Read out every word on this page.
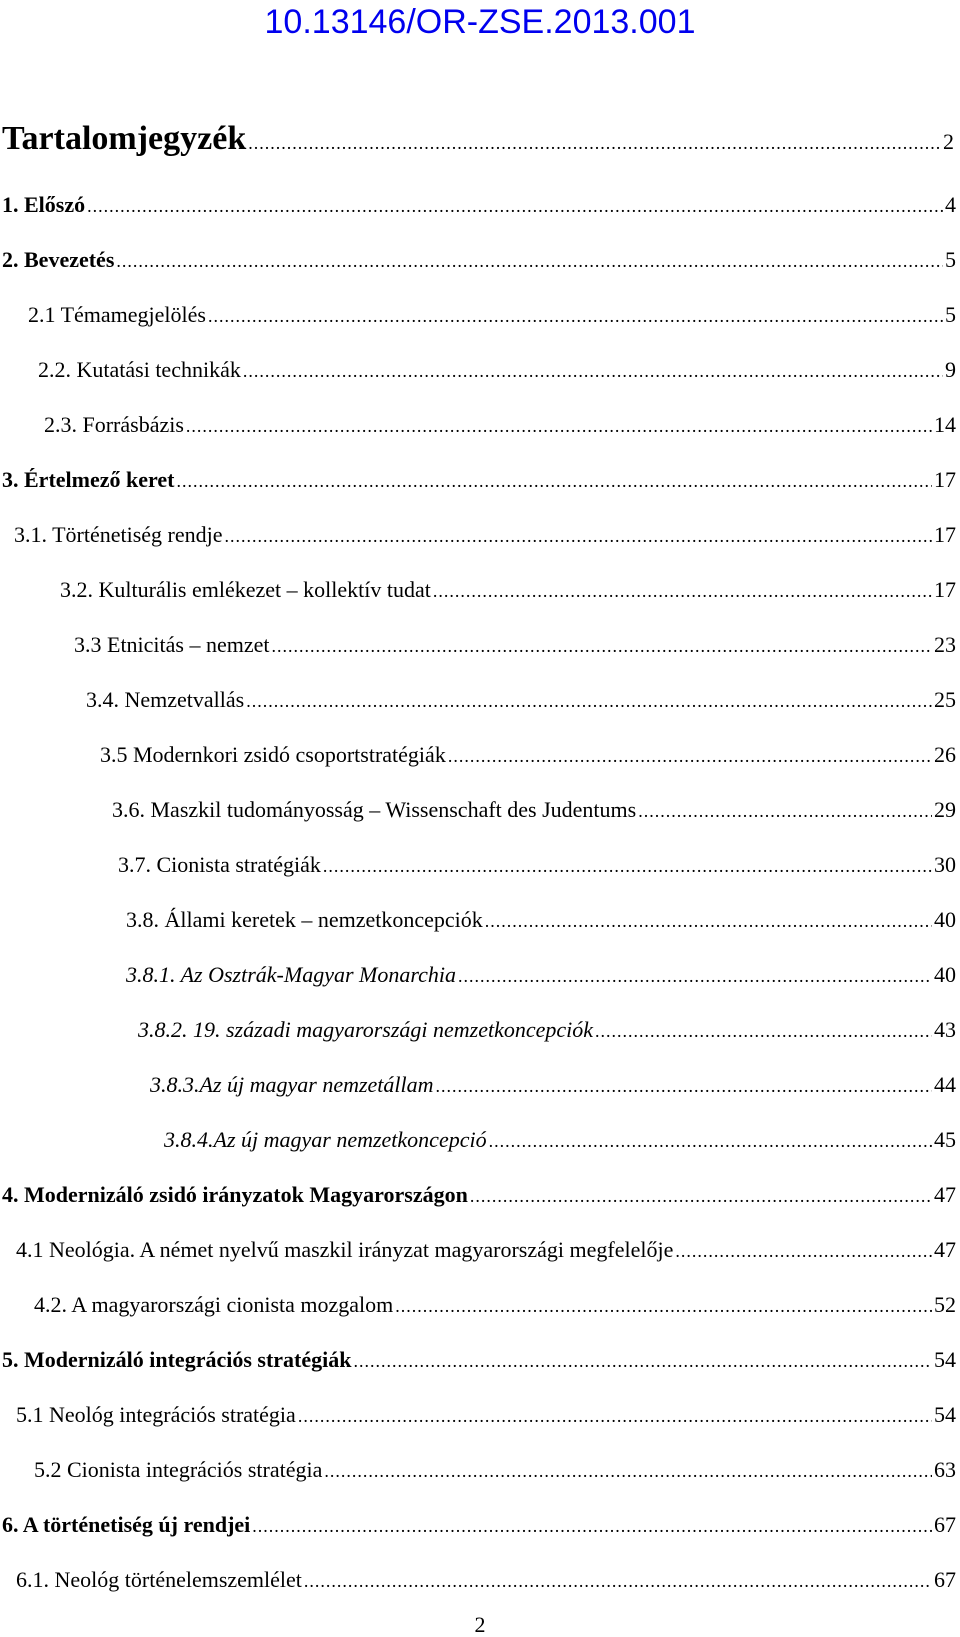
10.13146/OR-ZSE.2013.001
Tartalomjegyzék .....	2
1. Előszó .....	4
2. Bevezetés .....	5
2.1 Témamegjelölés .....	5
2.2. Kutatási technikák .....	9
2.3. Forrásbázis .....	14
3. Értelmező keret .....	17
3.1. Történetiség rendje .....	17
3.2. Kulturális emlékezet – kollektív tudat .....	17
3.3 Etnicitás – nemzet .....	23
3.4. Nemzetvallás .....	25
3.5 Modernkori zsidó csoportstratégiák .....	26
3.6. Maszkil tudományosság – Wissenschaft des Judentums .....	29
3.7. Cionista stratégiák .....	30
3.8. Állami keretek – nemzetkoncepciók .....	40
3.8.1. Az Osztrák-Magyar Monarchia .....	40
3.8.2. 19. századi magyarországi nemzetkoncepciók .....	43
3.8.3.Az új magyar nemzetállam .....	44
3.8.4.Az új magyar nemzetkoncepció .....	45
4. Modernizáló zsidó irányzatok Magyarországon .....	47
4.1 Neológia. A német nyelvű maszkil irányzat magyarországi megfelelője .....	47
4.2. A magyarországi cionista mozgalom .....	52
5. Modernizáló integrációs stratégiák .....	54
5.1 Neológ integrációs stratégia .....	54
5.2 Cionista integrációs stratégia .....	63
6. A történetiség új rendjei .....	67
6.1. Neológ történelemszemlélet .....	67
2
